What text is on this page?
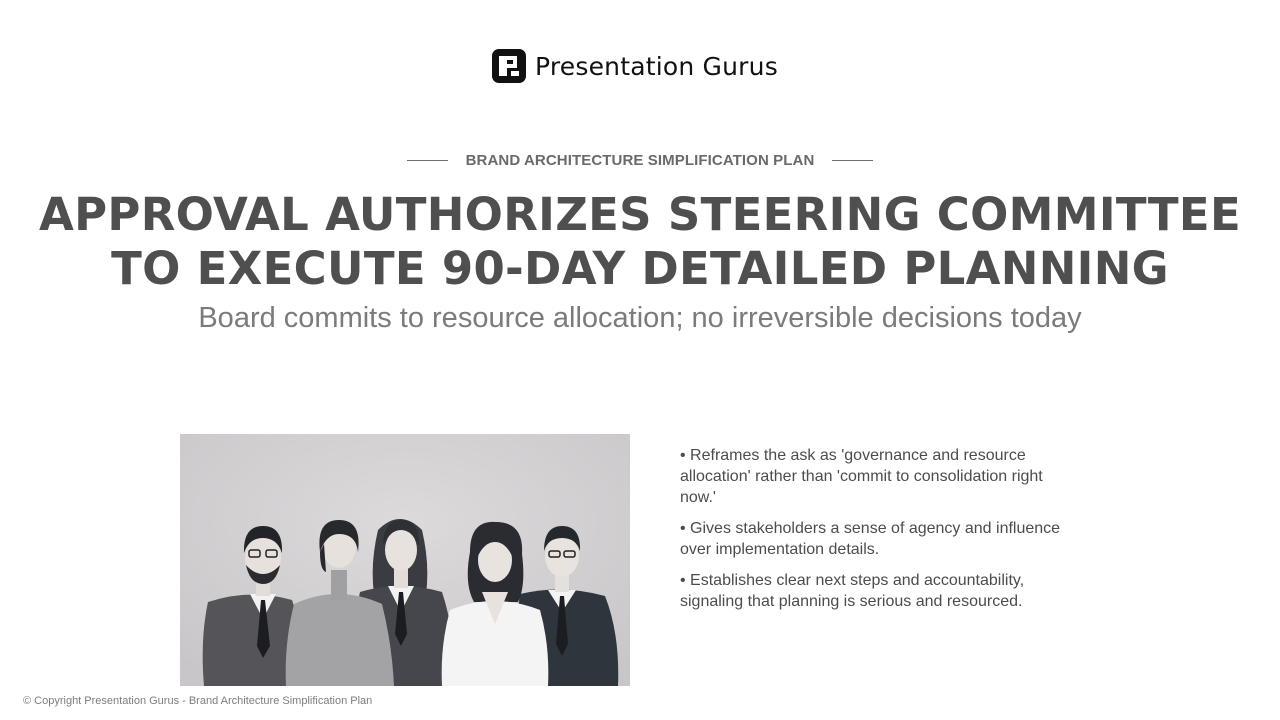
Presentation Gurus
BRAND ARCHITECTURE SIMPLIFICATION PLAN
APPROVAL AUTHORIZES STEERING COMMITTEE
TO EXECUTE 90-DAY DETAILED PLANNING
Board commits to resource allocation; no irreversible decisions today
• Reframes the ask as 'governance and resource allocation' rather than 'commit to consolidation right now.'
• Gives stakeholders a sense of agency and influence over implementation details.
• Establishes clear next steps and accountability, signaling that planning is serious and resourced.
© Copyright Presentation Gurus - Brand Architecture Simplification Plan
